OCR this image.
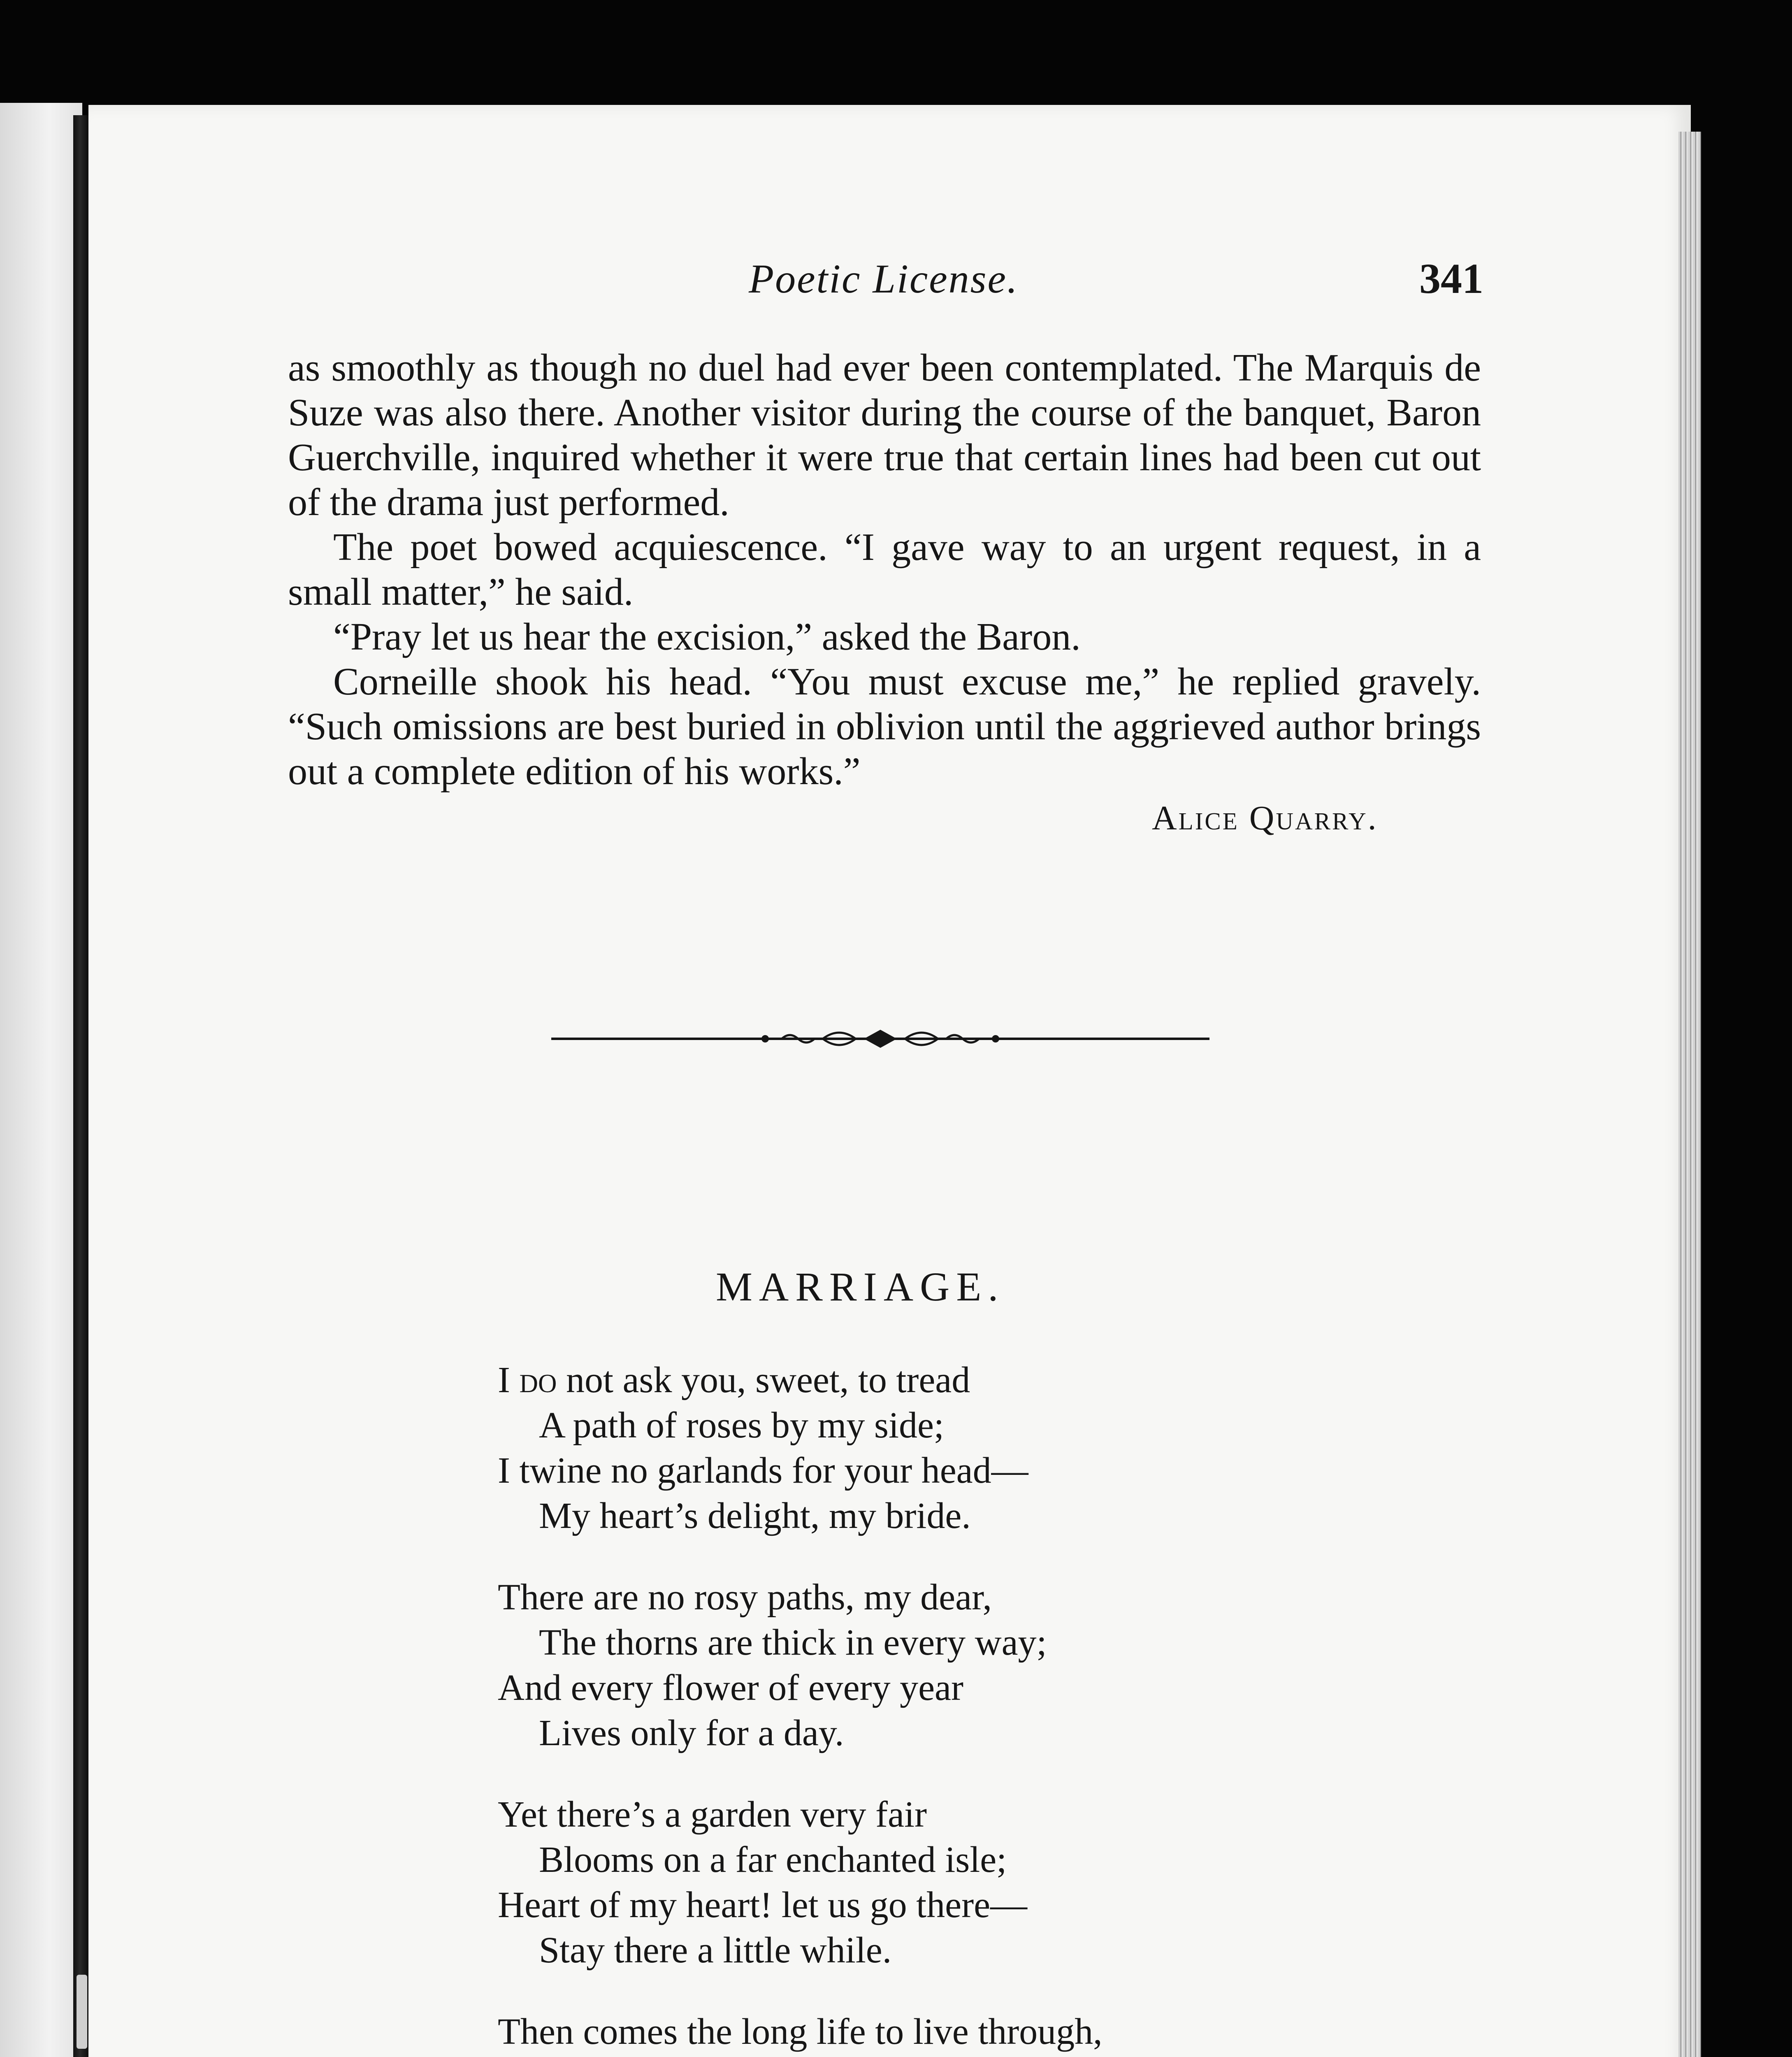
Poetic License.	341

as smoothly as though no duel had ever been contemplated. The Marquis de Suze was also there. Another visitor during the course of the banquet, Baron Guerchville, inquired whether it were true that certain lines had been cut out of the drama just performed.

The poet bowed acquiescence. “I gave way to an urgent request, in a small matter,” he said.

“Pray let us hear the excision,” asked the Baron.

Corneille shook his head. “You must excuse me,” he replied gravely. “Such omissions are best buried in oblivion until the aggrieved author brings out a complete edition of his works.”

Alice Quarry.
MARRIAGE.
I do not ask you, sweet, to tread
A path of roses by my side;
I twine no garlands for your head—
My heart’s delight, my bride.
There are no rosy paths, my dear,
The thorns are thick in every way;
And every flower of every year
Lives only for a day.
Yet there’s a garden very fair
Blooms on a far enchanted isle;
Heart of my heart! let us go there—
Stay there a little while.
Then comes the long life to live through,
